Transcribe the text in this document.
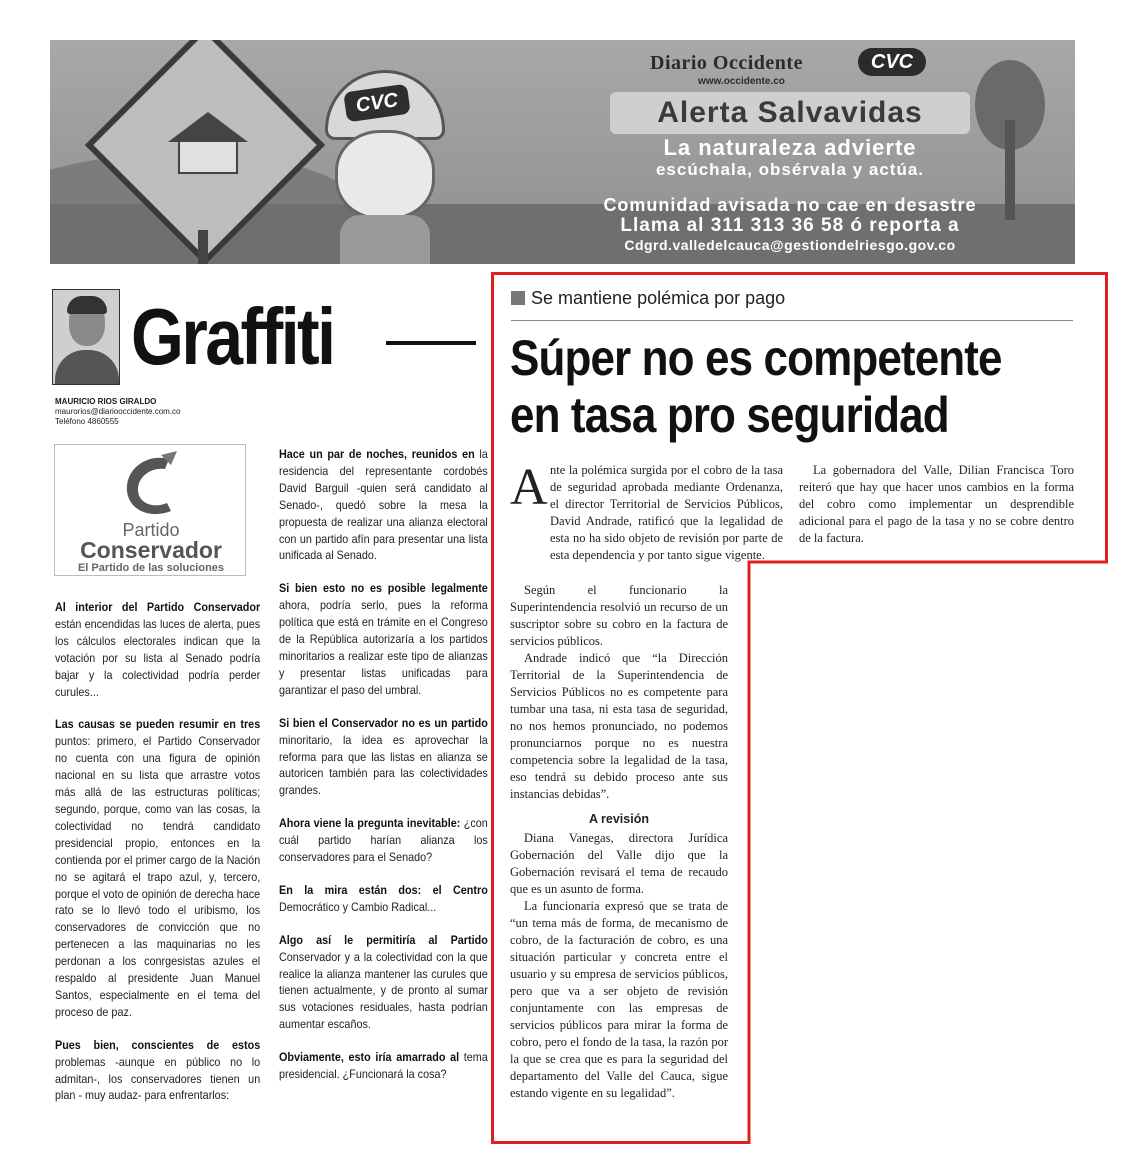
CVC
Diario Occidente
www.occidente.co
CVC
Alerta Salvavidas
La naturaleza advierte
escúchala, obsérvala y actúa.
Comunidad avisada no cae en desastre
Llama al 311 313 36 58 ó reporta a
Cdgrd.valledelcauca@gestiondelriesgo.gov.co
Graffiti
MAURICIO RIOS GIRALDO
maurorios@diariooccidente.com.co
Teléfono 4860555
Partido
Conservador
El Partido de las soluciones

Al interior del Partido Conservador están encendidas las luces de alerta, pues los cálculos electorales indican que la votación por su lista al Senado podría bajar y la colectividad podría perder curules...

Las causas se pueden resumir en tres puntos: primero, el Partido Conservador no cuenta con una figura de opinión nacional en su lista que arrastre votos más allá de las estructuras políticas; segundo, porque, como van las cosas, la colectividad no tendrá candidato presidencial propio, entonces en la contienda por el primer cargo de la Nación no se agitará el trapo azul, y, tercero, porque el voto de opinión de derecha hace rato se lo llevó todo el uribismo, los conservadores de convicción que no pertenecen a las maquinarias no les perdonan a los conrgesistas azules el respaldo al presidente Juan Manuel Santos, especialmente en el tema del proceso de paz.

Pues bien, conscientes de estos problemas -aunque en público no lo admitan-, los conservadores tienen un plan - muy audaz- para enfrentarlos:

Hace un par de noches, reunidos en la residencia del representante cordobés David Barguil -quien será candidato al Senado-, quedó sobre la mesa la propuesta de realizar una alianza electoral con un partido afín para presentar una lista unificada al Senado.

Si bien esto no es posible legalmente ahora, podría serlo, pues la reforma política que está en trámite en el Congreso de la República autorizaría a los partidos minoritarios a realizar este tipo de alianzas y presentar listas unificadas para garantizar el paso del umbral.

Si bien el Conservador no es un partido minoritario, la idea es aprovechar la reforma para que las listas en alianza se autoricen también para las colectividades grandes.

Ahora viene la pregunta inevitable: ¿con cuál partido harían alianza los conservadores para el Senado?

En la mira están dos: el Centro Democrático y Cambio Radical...

Algo así le permitiría al Partido Conservador y a la colectividad con la que realice la alianza mantener las curules que tienen actualmente, y de pronto al sumar sus votaciones residuales, hasta podrían aumentar escaños.

Obviamente, esto iría amarrado al tema presidencial. ¿Funcionará la cosa?

Se mantiene polémica por pago
Súper no es competente en tasa pro seguridad
A nte la polémica surgida por el cobro de la tasa de seguridad aprobada mediante Ordenanza, el director Territorial de Servicios Públicos, David Andrade, ratificó que la legalidad de esta no ha sido objeto de revisión por parte de esta dependencia y por tanto sigue vigente.

La gobernadora del Valle, Dilian Francisca Toro reiteró que hay que hacer unos cambios en la forma del cobro como implementar un desprendible adicional para el pago de la tasa y no se cobre dentro de la factura.

Según el funcionario la Superintendencia resolvió un recurso de un suscriptor sobre su cobro en la factura de servicios públicos.

Andrade indicó que “la Dirección Territorial de la Superintendencia de Servicios Públicos no es competente para tumbar una tasa, ni esta tasa de seguridad, no nos hemos pronunciado, no podemos pronunciarnos porque no es nuestra competencia sobre la legalidad de la tasa, eso tendrá su debido proceso ante sus instancias debidas”.

A revisión

Diana Vanegas, directora Jurídica Gobernación del Valle dijo que la Gobernación revisará el tema de recaudo que es un asunto de forma.

La funcionaria expresó que se trata de “un tema más de forma, de mecanismo de cobro, de la facturación de cobro, es una situación particular y concreta entre el usuario y su empresa de servicios públicos, pero que va a ser objeto de revisión conjuntamente con las empresas de servicios públicos para mirar la forma de cobro, pero el fondo de la tasa, la razón por la que se crea que es para la seguridad del departamento del Valle del Cauca, sigue estando vigente en su legalidad”.
